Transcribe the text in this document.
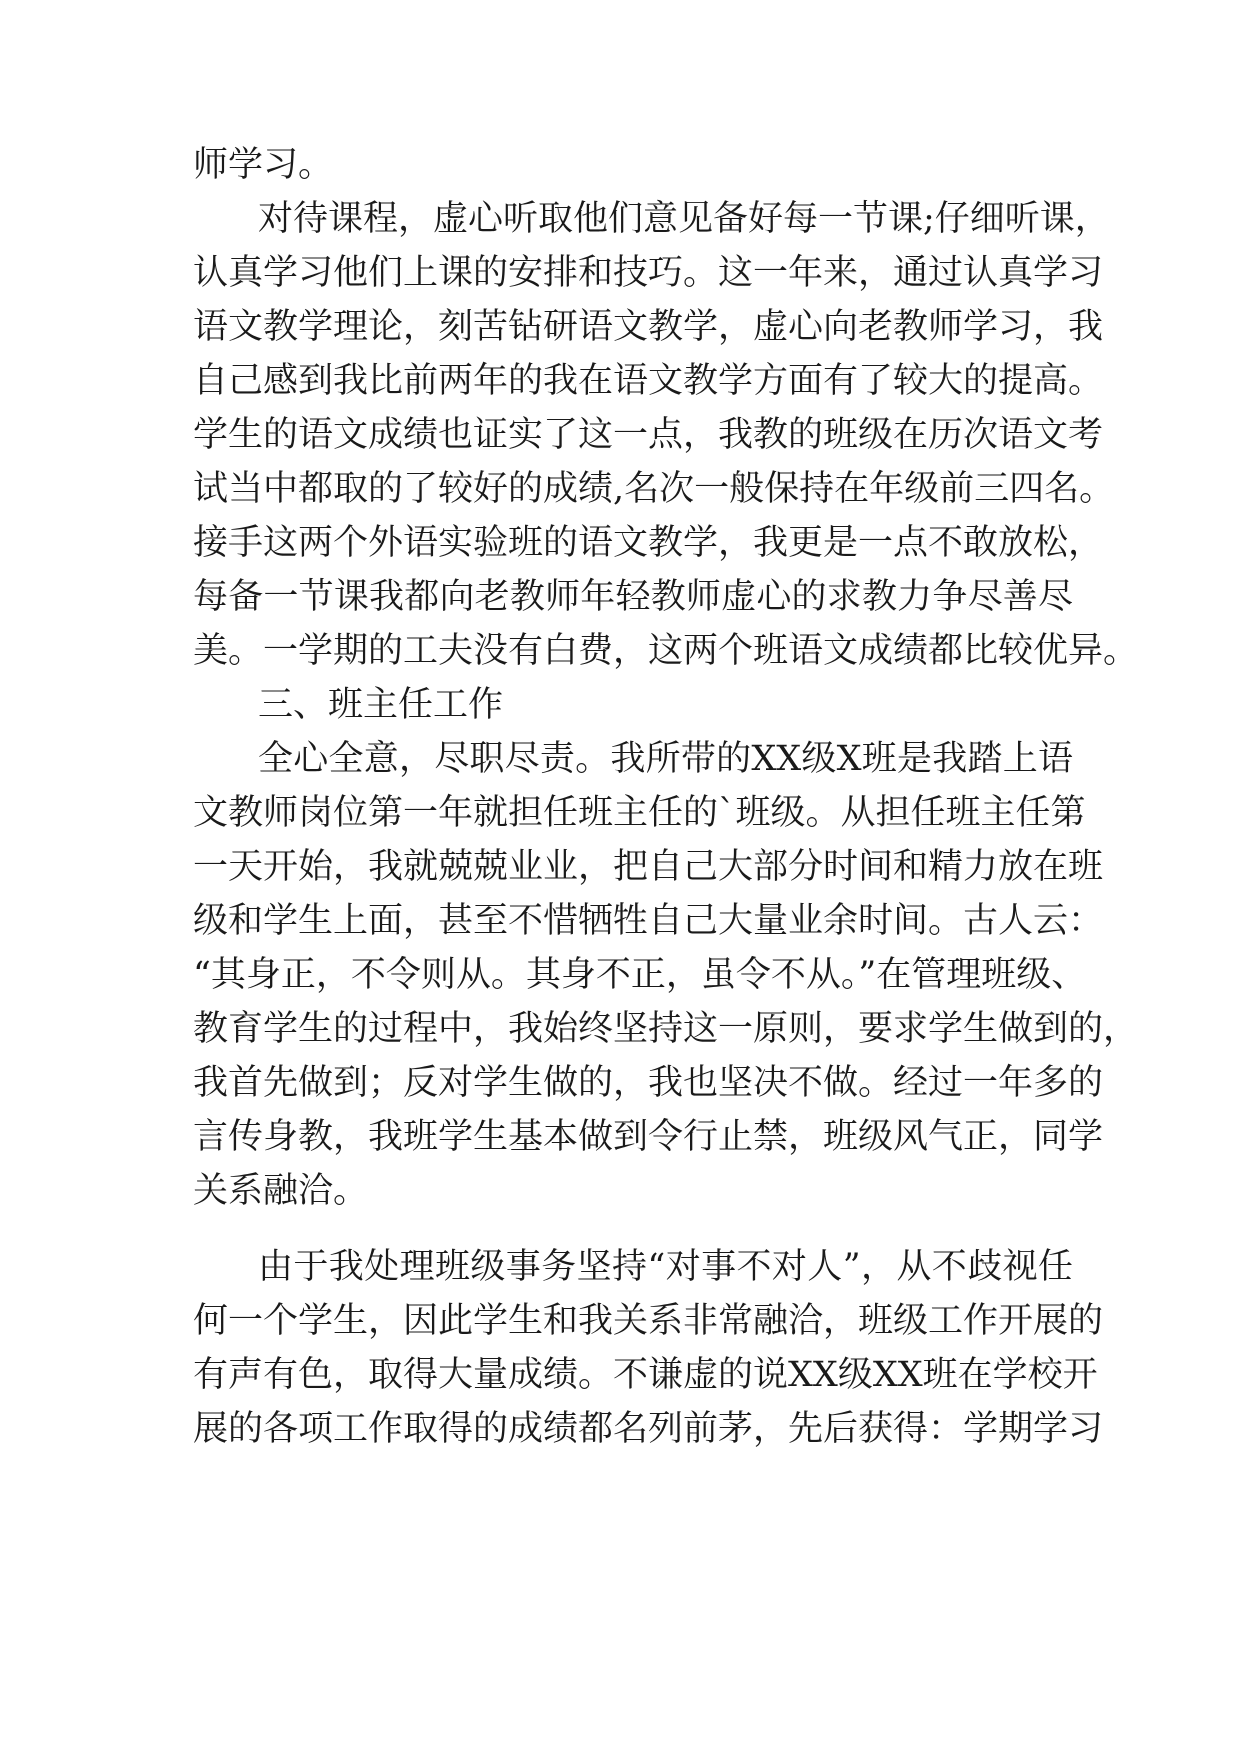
师学习。
对待课程，虚心听取他们意见备好每一节课;仔细听课，
认真学习他们上课的安排和技巧。这一年来，通过认真学习
语文教学理论，刻苦钻研语文教学，虚心向老教师学习，我
自己感到我比前两年的我在语文教学方面有了较大的提高。
学生的语文成绩也证实了这一点，我教的班级在历次语文考
试当中都取的了较好的成绩,名次一般保持在年级前三四名。
接手这两个外语实验班的语文教学，我更是一点不敢放松，
每备一节课我都向老教师年轻教师虚心的求教力争尽善尽
美。一学期的工夫没有白费，这两个班语文成绩都比较优异。
三、班主任工作
全心全意，尽职尽责。我所带的XX级X班是我踏上语
文教师岗位第一年就担任班主任的`班级。从担任班主任第
一天开始，我就兢兢业业，把自己大部分时间和精力放在班
级和学生上面，甚至不惜牺牲自己大量业余时间。古人云：
“其身正，不令则从。其身不正，虽令不从。”在管理班级、
教育学生的过程中，我始终坚持这一原则，要求学生做到的，
我首先做到；反对学生做的，我也坚决不做。经过一年多的
言传身教，我班学生基本做到令行止禁，班级风气正，同学
关系融洽。
由于我处理班级事务坚持“对事不对人”，从不歧视任
何一个学生，因此学生和我关系非常融洽，班级工作开展的
有声有色，取得大量成绩。不谦虚的说XX级XX班在学校开
展的各项工作取得的成绩都名列前茅，先后获得：学期学习
